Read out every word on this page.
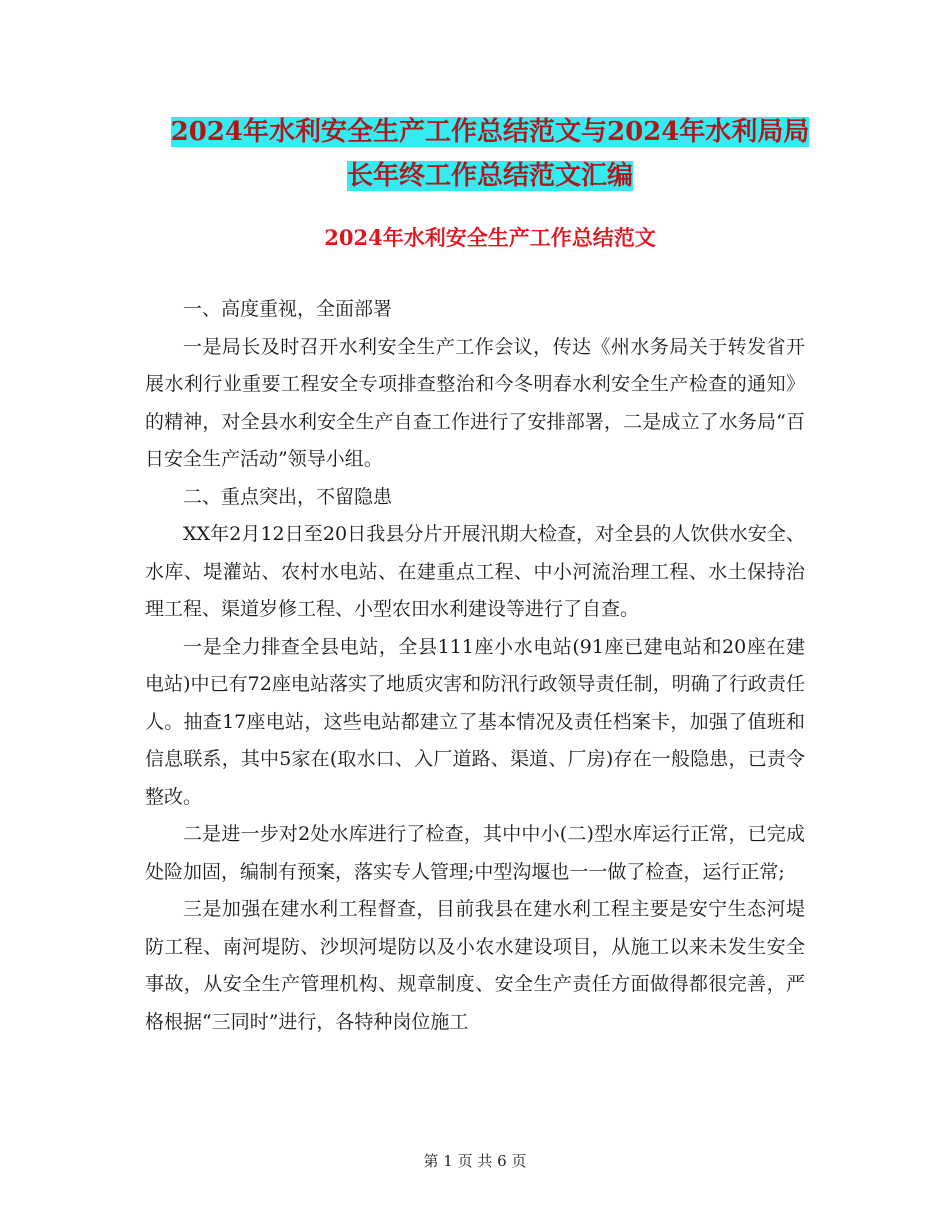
2024年水利安全生产工作总结范文与2024年水利局局
长年终工作总结范文汇编
2024年水利安全生产工作总结范文

一、高度重视，全面部署

一是局长及时召开水利安全生产工作会议，传达《州水务局关于转发省开展水利行业重要工程安全专项排查整治和今冬明春水利安全生产检查的通知》的精神，对全县水利安全生产自查工作进行了安排部署，二是成立了水务局“百日安全生产活动”领导小组。

二、重点突出，不留隐患

XX年2月12日至20日我县分片开展汛期大检查，对全县的人饮供水安全、水库、堤灌站、农村水电站、在建重点工程、中小河流治理工程、水土保持治理工程、渠道岁修工程、小型农田水利建设等进行了自查。

一是全力排查全县电站，全县111座小水电站(91座已建电站和20座在建电站)中已有72座电站落实了地质灾害和防汛行政领导责任制，明确了行政责任人。抽查17座电站，这些电站都建立了基本情况及责任档案卡，加强了值班和信息联系，其中5家在(取水口、入厂道路、渠道、厂房)存在一般隐患，已责令整改。

二是进一步对2处水库进行了检查，其中中小(二)型水库运行正常，已完成处险加固，编制有预案，落实专人管理;中型沟堰也一一做了检查，运行正常;

三是加强在建水利工程督查，目前我县在建水利工程主要是安宁生态河堤防工程、南河堤防、沙坝河堤防以及小农水建设项目，从施工以来未发生安全事故，从安全生产管理机构、规章制度、安全生产责任方面做得都很完善，严格根据“三同时”进行，各特种岗位施工

第 1 页 共 6 页
